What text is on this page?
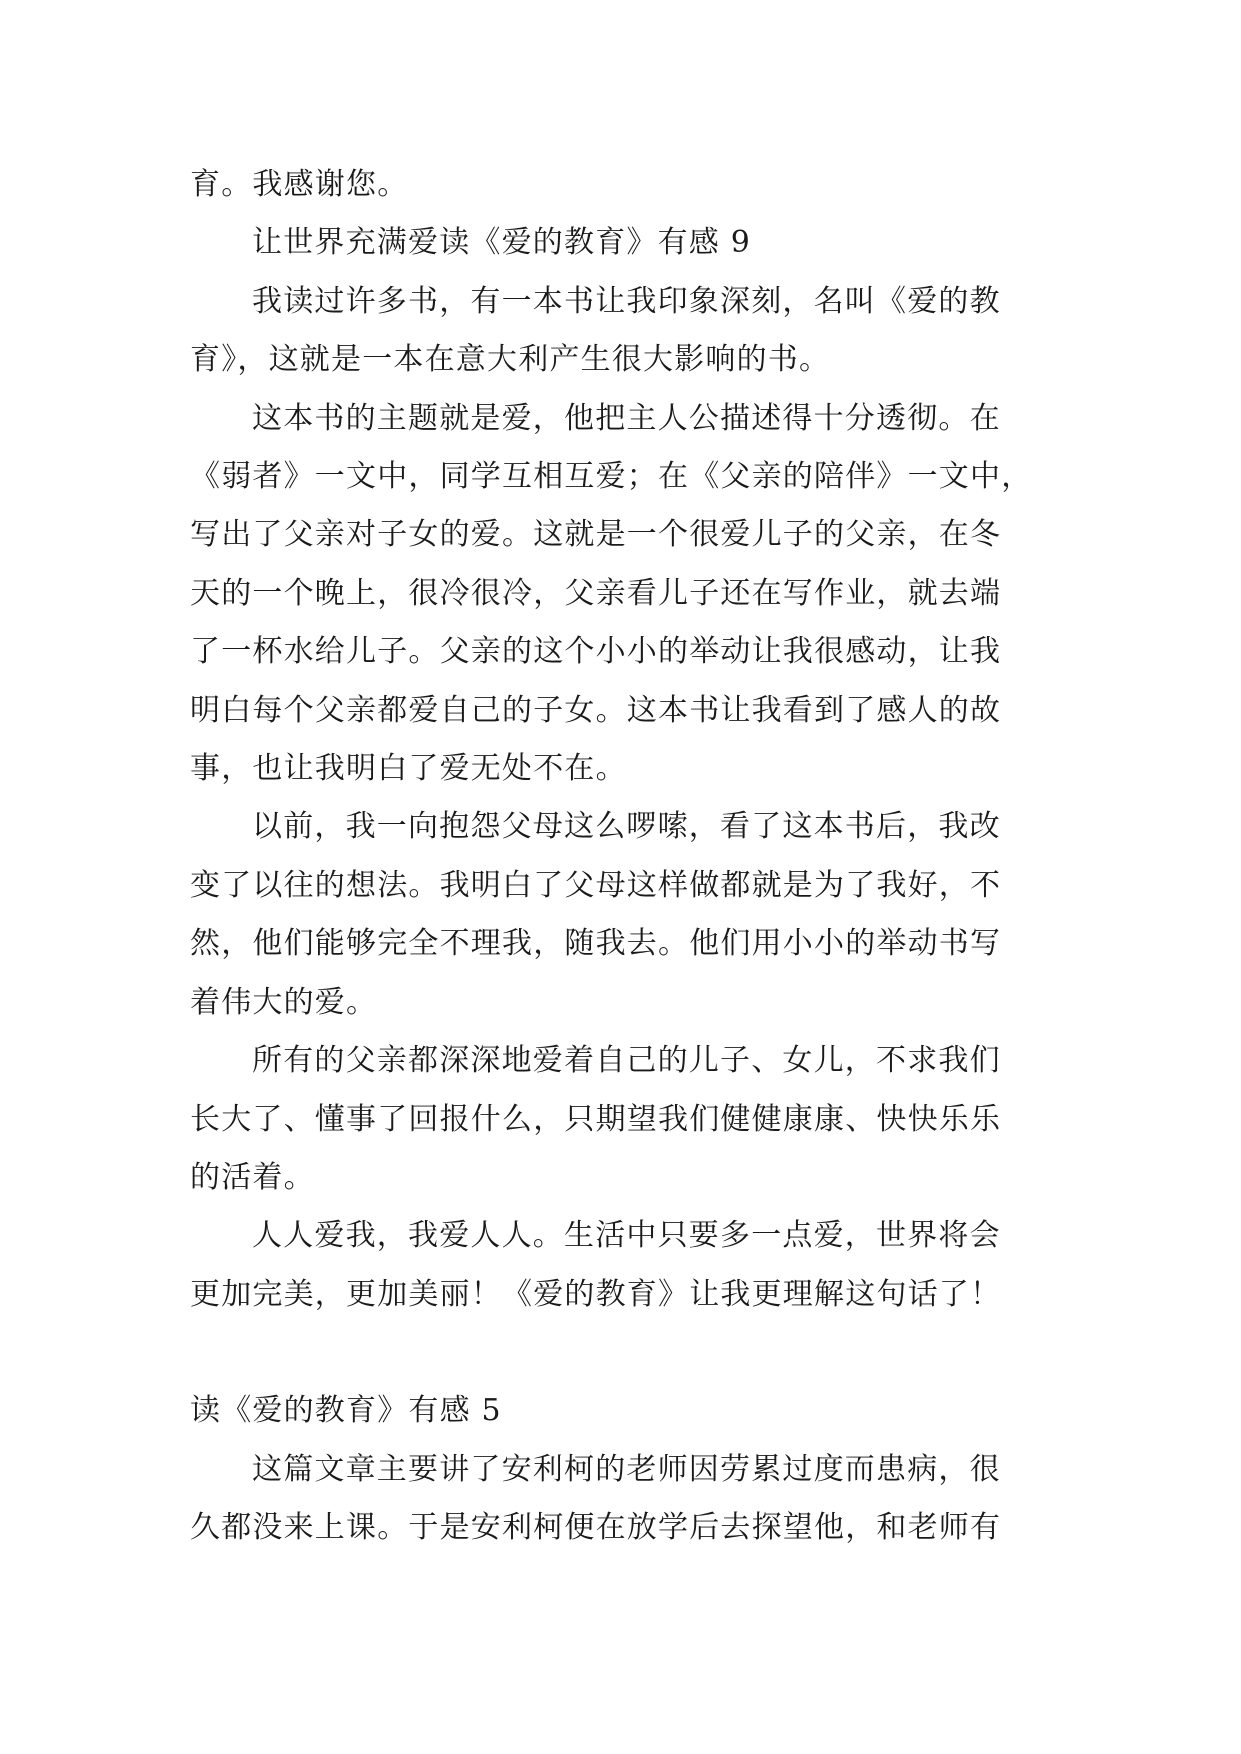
育。我感谢您。

让世界充满爱读《爱的教育》有感 9

我读过许多书，有一本书让我印象深刻，名叫《爱的教

育》，这就是一本在意大利产生很大影响的书。

这本书的主题就是爱，他把主人公描述得十分透彻。在

《弱者》一文中，同学互相互爱；在《父亲的陪伴》一文中，

写出了父亲对子女的爱。这就是一个很爱儿子的父亲，在冬

天的一个晚上，很冷很冷，父亲看儿子还在写作业，就去端

了一杯水给儿子。父亲的这个小小的举动让我很感动，让我

明白每个父亲都爱自己的子女。这本书让我看到了感人的故

事，也让我明白了爱无处不在。

以前，我一向抱怨父母这么啰嗦，看了这本书后，我改

变了以往的想法。我明白了父母这样做都就是为了我好，不

然，他们能够完全不理我，随我去。他们用小小的举动书写

着伟大的爱。

所有的父亲都深深地爱着自己的儿子、女儿，不求我们

长大了、懂事了回报什么，只期望我们健健康康、快快乐乐

的活着。

人人爱我，我爱人人。生活中只要多一点爱，世界将会

更加完美，更加美丽！《爱的教育》让我更理解这句话了！

读《爱的教育》有感 5

这篇文章主要讲了安利柯的老师因劳累过度而患病，很

久都没来上课。于是安利柯便在放学后去探望他，和老师有
